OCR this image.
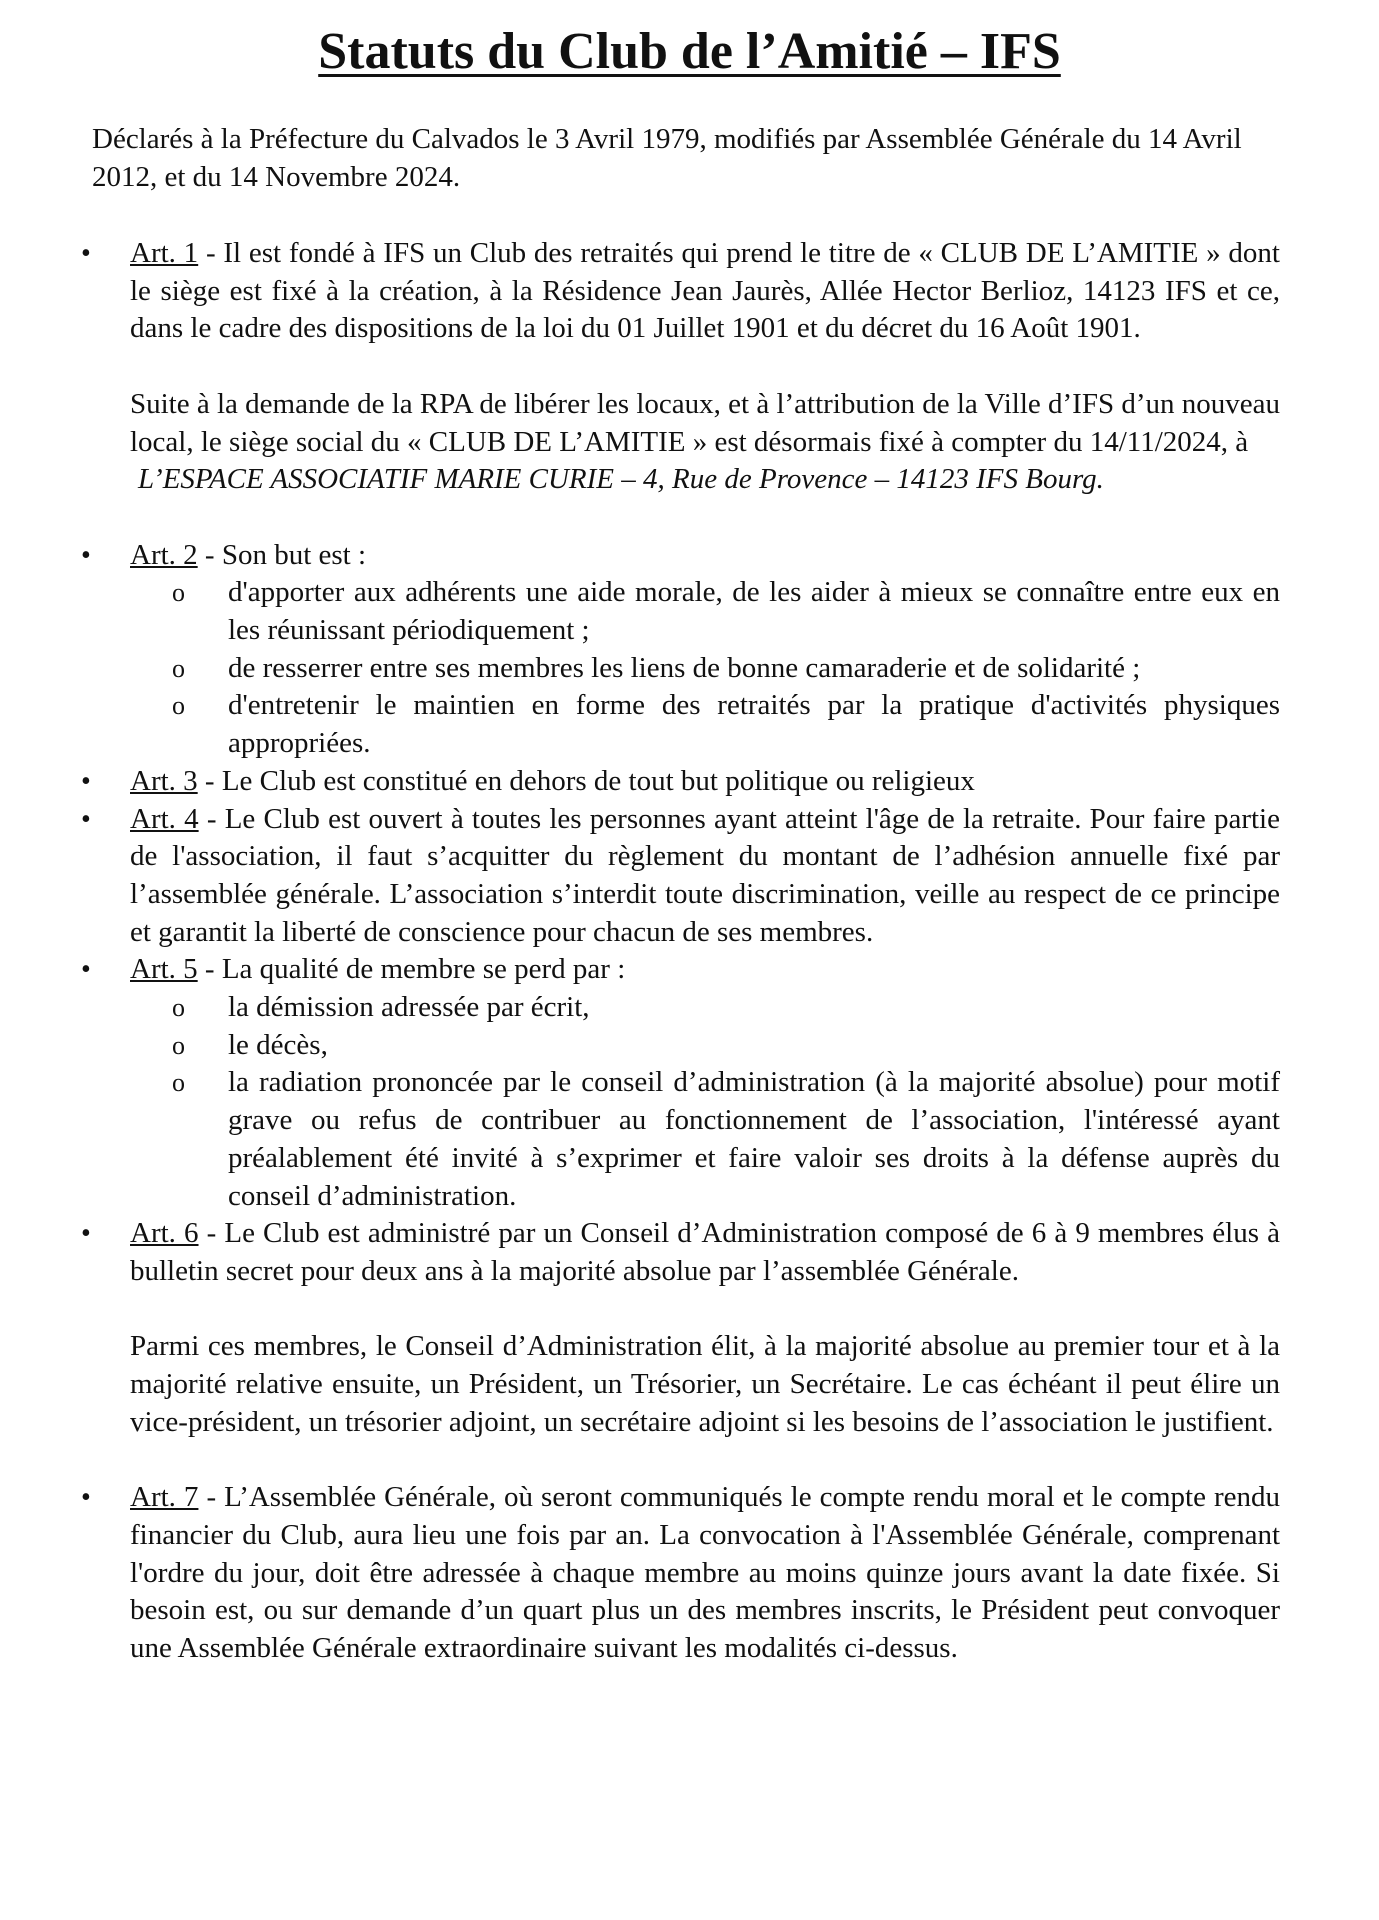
Statuts du Club de l’Amitié – IFS

Déclarés à la Préfecture du Calvados le 3 Avril 1979, modifiés par Assemblée Générale du 14 Avril 2012, et du 14 Novembre 2024.

• Art. 1 - Il est fondé à IFS un Club des retraités qui prend le titre de « CLUB DE L’AMITIE » dont le siège est fixé à la création, à la Résidence Jean Jaurès, Allée Hector Berlioz, 14123 IFS et ce, dans le cadre des dispositions de la loi du 01 Juillet 1901 et du décret du 16 Août 1901.

Suite à la demande de la RPA de libérer les locaux, et à l’attribution de la Ville d’IFS d’un nouveau local, le siège social du « CLUB DE L’AMITIE » est désormais fixé à compter du 14/11/2024, à

L’ESPACE ASSOCIATIF MARIE CURIE – 4, Rue de Provence – 14123 IFS Bourg.

• Art. 2 - Son but est :

o d'apporter aux adhérents une aide morale, de les aider à mieux se connaître entre eux en les réunissant périodiquement ;
o de resserrer entre ses membres les liens de bonne camaraderie et de solidarité ;
o d'entretenir le maintien en forme des retraités par la pratique d'activités physiques appropriées.
• Art. 3 - Le Club est constitué en dehors de tout but politique ou religieux

• Art. 4 - Le Club est ouvert à toutes les personnes ayant atteint l'âge de la retraite. Pour faire partie de l'association, il faut s’acquitter du règlement du montant de l’adhésion annuelle fixé par l’assemblée générale. L’association s’interdit toute discrimination, veille au respect de ce principe et garantit la liberté de conscience pour chacun de ses membres.

• Art. 5 - La qualité de membre se perd par :

o la démission adressée par écrit,
o le décès,
o la radiation prononcée par le conseil d’administration (à la majorité absolue) pour motif grave ou refus de contribuer au fonctionnement de l’association, l'intéressé ayant préalablement été invité à s’exprimer et faire valoir ses droits à la défense auprès du conseil d’administration.
• Art. 6 - Le Club est administré par un Conseil d’Administration composé de 6 à 9 membres élus à bulletin secret pour deux ans à la majorité absolue par l’assemblée Générale.

Parmi ces membres, le Conseil d’Administration élit, à la majorité absolue au premier tour et à la majorité relative ensuite, un Président, un Trésorier, un Secrétaire. Le cas échéant il peut élire un vice-président, un trésorier adjoint, un secrétaire adjoint si les besoins de l’association le justifient.

• Art. 7 - L’Assemblée Générale, où seront communiqués le compte rendu moral et le compte rendu financier du Club, aura lieu une fois par an. La convocation à l'Assemblée Générale, comprenant l'ordre du jour, doit être adressée à chaque membre au moins quinze jours avant la date fixée. Si besoin est, ou sur demande d’un quart plus un des membres inscrits, le Président peut convoquer une Assemblée Générale extraordinaire suivant les modalités ci-dessus.
